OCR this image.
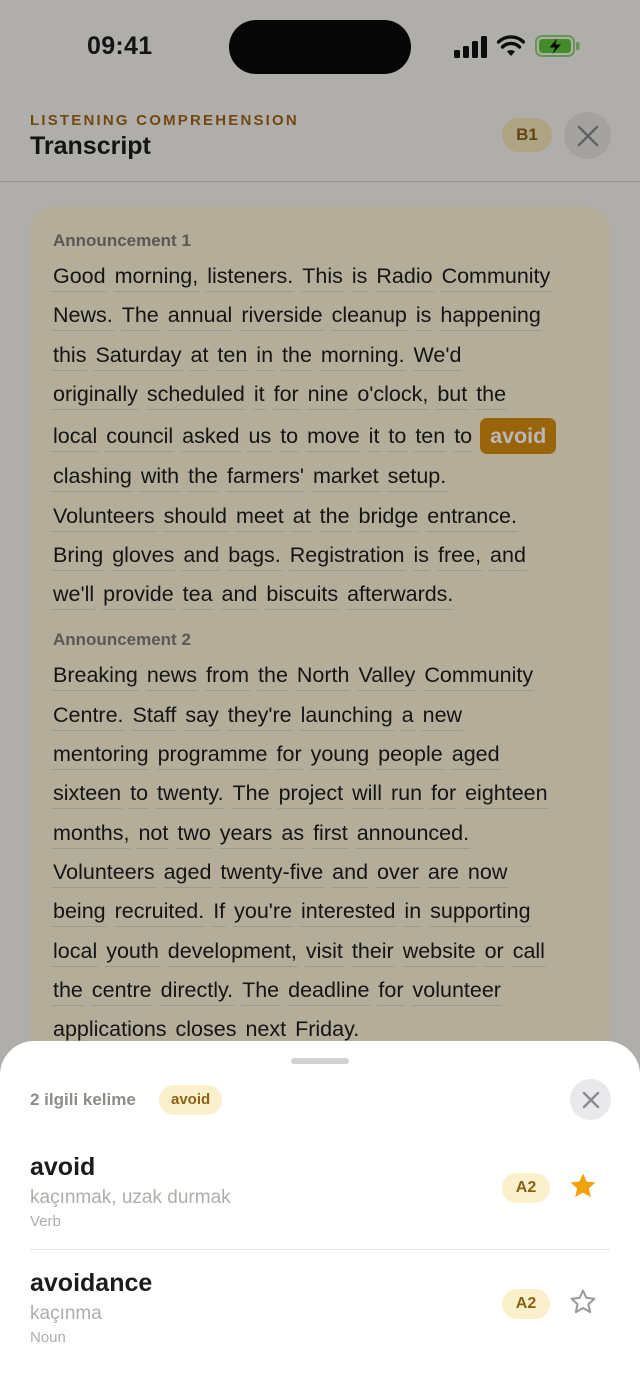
09:41
LISTENING COMPREHENSION
Transcript	B1
Announcement 1
Good morning, listeners. This is Radio Community
News. The annual riverside cleanup is happening
this Saturday at ten in the morning. We'd
originally scheduled it for nine o'clock, but the
local council asked us to move it to ten to avoid
clashing with the farmers' market setup.
Volunteers should meet at the bridge entrance.
Bring gloves and bags. Registration is free, and
we'll provide tea and biscuits afterwards.
Announcement 2
Breaking news from the North Valley Community
Centre. Staff say they're launching a new
mentoring programme for young people aged
sixteen to twenty. The project will run for eighteen
months, not two years as first announced.
Volunteers aged twenty-five and over are now
being recruited. If you're interested in supporting
local youth development, visit their website or call
the centre directly. The deadline for volunteer
applications closes next Friday.
2 ilgili kelime	avoid
avoid
kaçınmak, uzak durmak
Verb
A2
avoidance
kaçınma
Noun
A2
